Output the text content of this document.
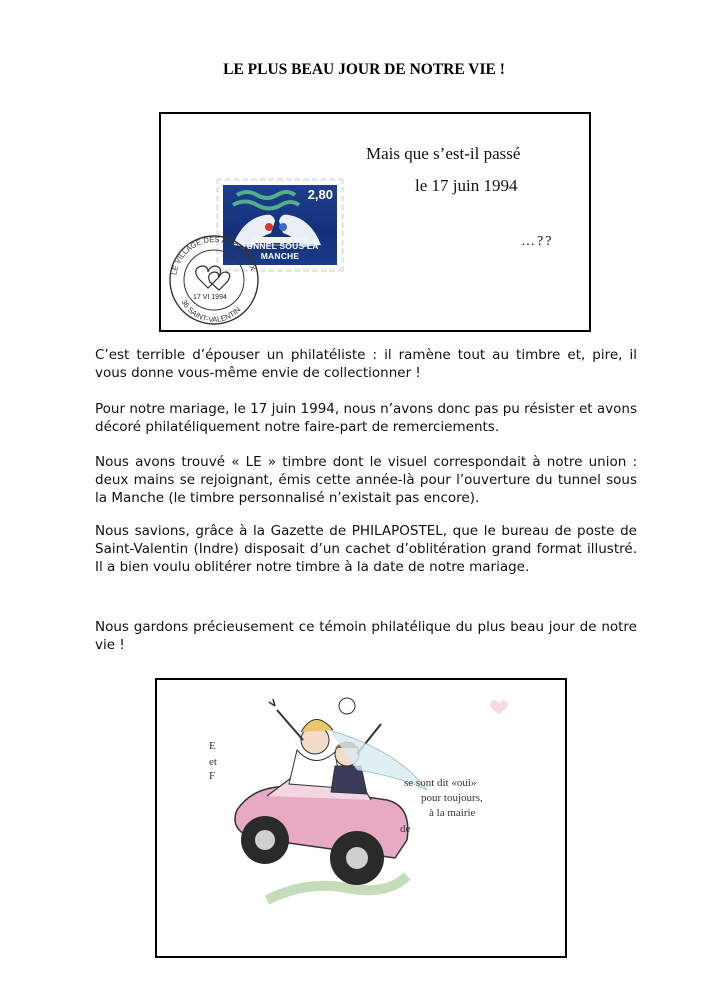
LE PLUS BEAU JOUR DE NOTRE VIE !
Mais que s’est-il passé
le 17 juin 1994
…??
2,80
TUNNEL SOUS LA MANCHE
LE VILLAGE DES AMOUREUX
36 SAINT-VALENTIN
17 VI 1994
C’est terrible d’épouser un philatéliste : il ramène tout au timbre et, pire, il vous donne vous-même envie de collectionner !
Pour notre mariage, le 17 juin 1994, nous n’avons donc pas pu résister et avons décoré philatéliquement notre faire-part de remerciements.
Nous avons trouvé « LE » timbre dont le visuel correspondait à notre union : deux mains se rejoignant, émis cette année-là pour l’ouverture du tunnel sous la Manche (le timbre personnalisé n’existait pas encore).
Nous savions, grâce à la Gazette de PHILAPOSTEL, que le bureau de poste de Saint-Valentin (Indre) disposait d’un cachet d’oblitération grand format illustré. Il a bien voulu oblitérer notre timbre à la date de notre mariage.
Nous gardons précieusement ce témoin philatélique du plus beau jour de notre vie !
E
et
F
se sont dit «oui»
pour toujours,
à la mairie
de
